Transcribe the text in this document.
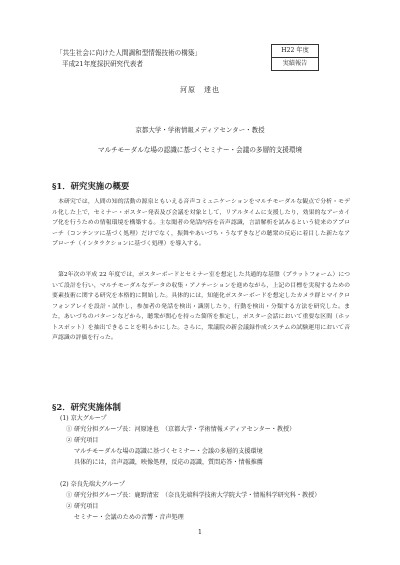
「共生社会に向けた人間調和型情報技術の構築」
平成21年度採択研究代表者
H22 年度
実績報告
河原　達也
京都大学・学術情報メディアセンター・教授
マルチモーダルな場の認識に基づくセミナー・会議の多層的支援環境
§1．研究実施の概要

本研究では，人間の知的活動の源泉ともいえる音声コミュニケーションをマルチモーダルな観点で分析・モデル化した上で，セミナー・ポスター発表及び会議を対象として，リアルタイムに支援したり，効果的なアーカイブ化を行うための情報環境を構築する。主な聞者の発話内容を音声認識，言語解析を試みるという従来のアプローチ（コンテンツに基づく処理）だけでなく，振舞やあいづち・うなずきなどの聴衆の反応に着目した新たなアプローチ（インタラクションに基づく処理）を導入する。

第2年次の平成 22 年度では，ポスターボードとセミナー室を想定した共通的な基盤（プラットフォーム）について設計を行い，マルチモーダルなデータの収集・アノテーションを進めながら，上記の目標を実現するための要素技術に関する研究を本格的に開始した。具体的には，知能化ポスターボードを想定したカメラ群とマイクロフォンアレイを設計・試作し，参加者の発話を検出・識別したり，行動を検出・分類する方法を研究した。また，あいづちのパターンなどから，聴衆が関心を持った箇所を推定し，ポスター会話において重要な区間（ホットスポット）を抽出できることを明らかにした。さらに，衆議院の新会議録作成システムの試験運用において音声認識の評価を行った。

§2．研究実施体制
(1) 京大グループ
① 研究分担グループ長：河原達也　（京都大学・学術情報メディアセンター・教授）
② 研究項目
マルチモーダルな場の認識に基づくセミナー・会議の多層的支援環境
具体的には，音声認識，映像処理，反応の認識，質問応答・情報推薦
(2) 奈良先端大グループ
① 研究分担グループ長：鹿野清宏　（奈良先端科学技術大学院大学・情報科学研究科・教授）
② 研究項目
セミナー・会議のための音響・音声処理
1
